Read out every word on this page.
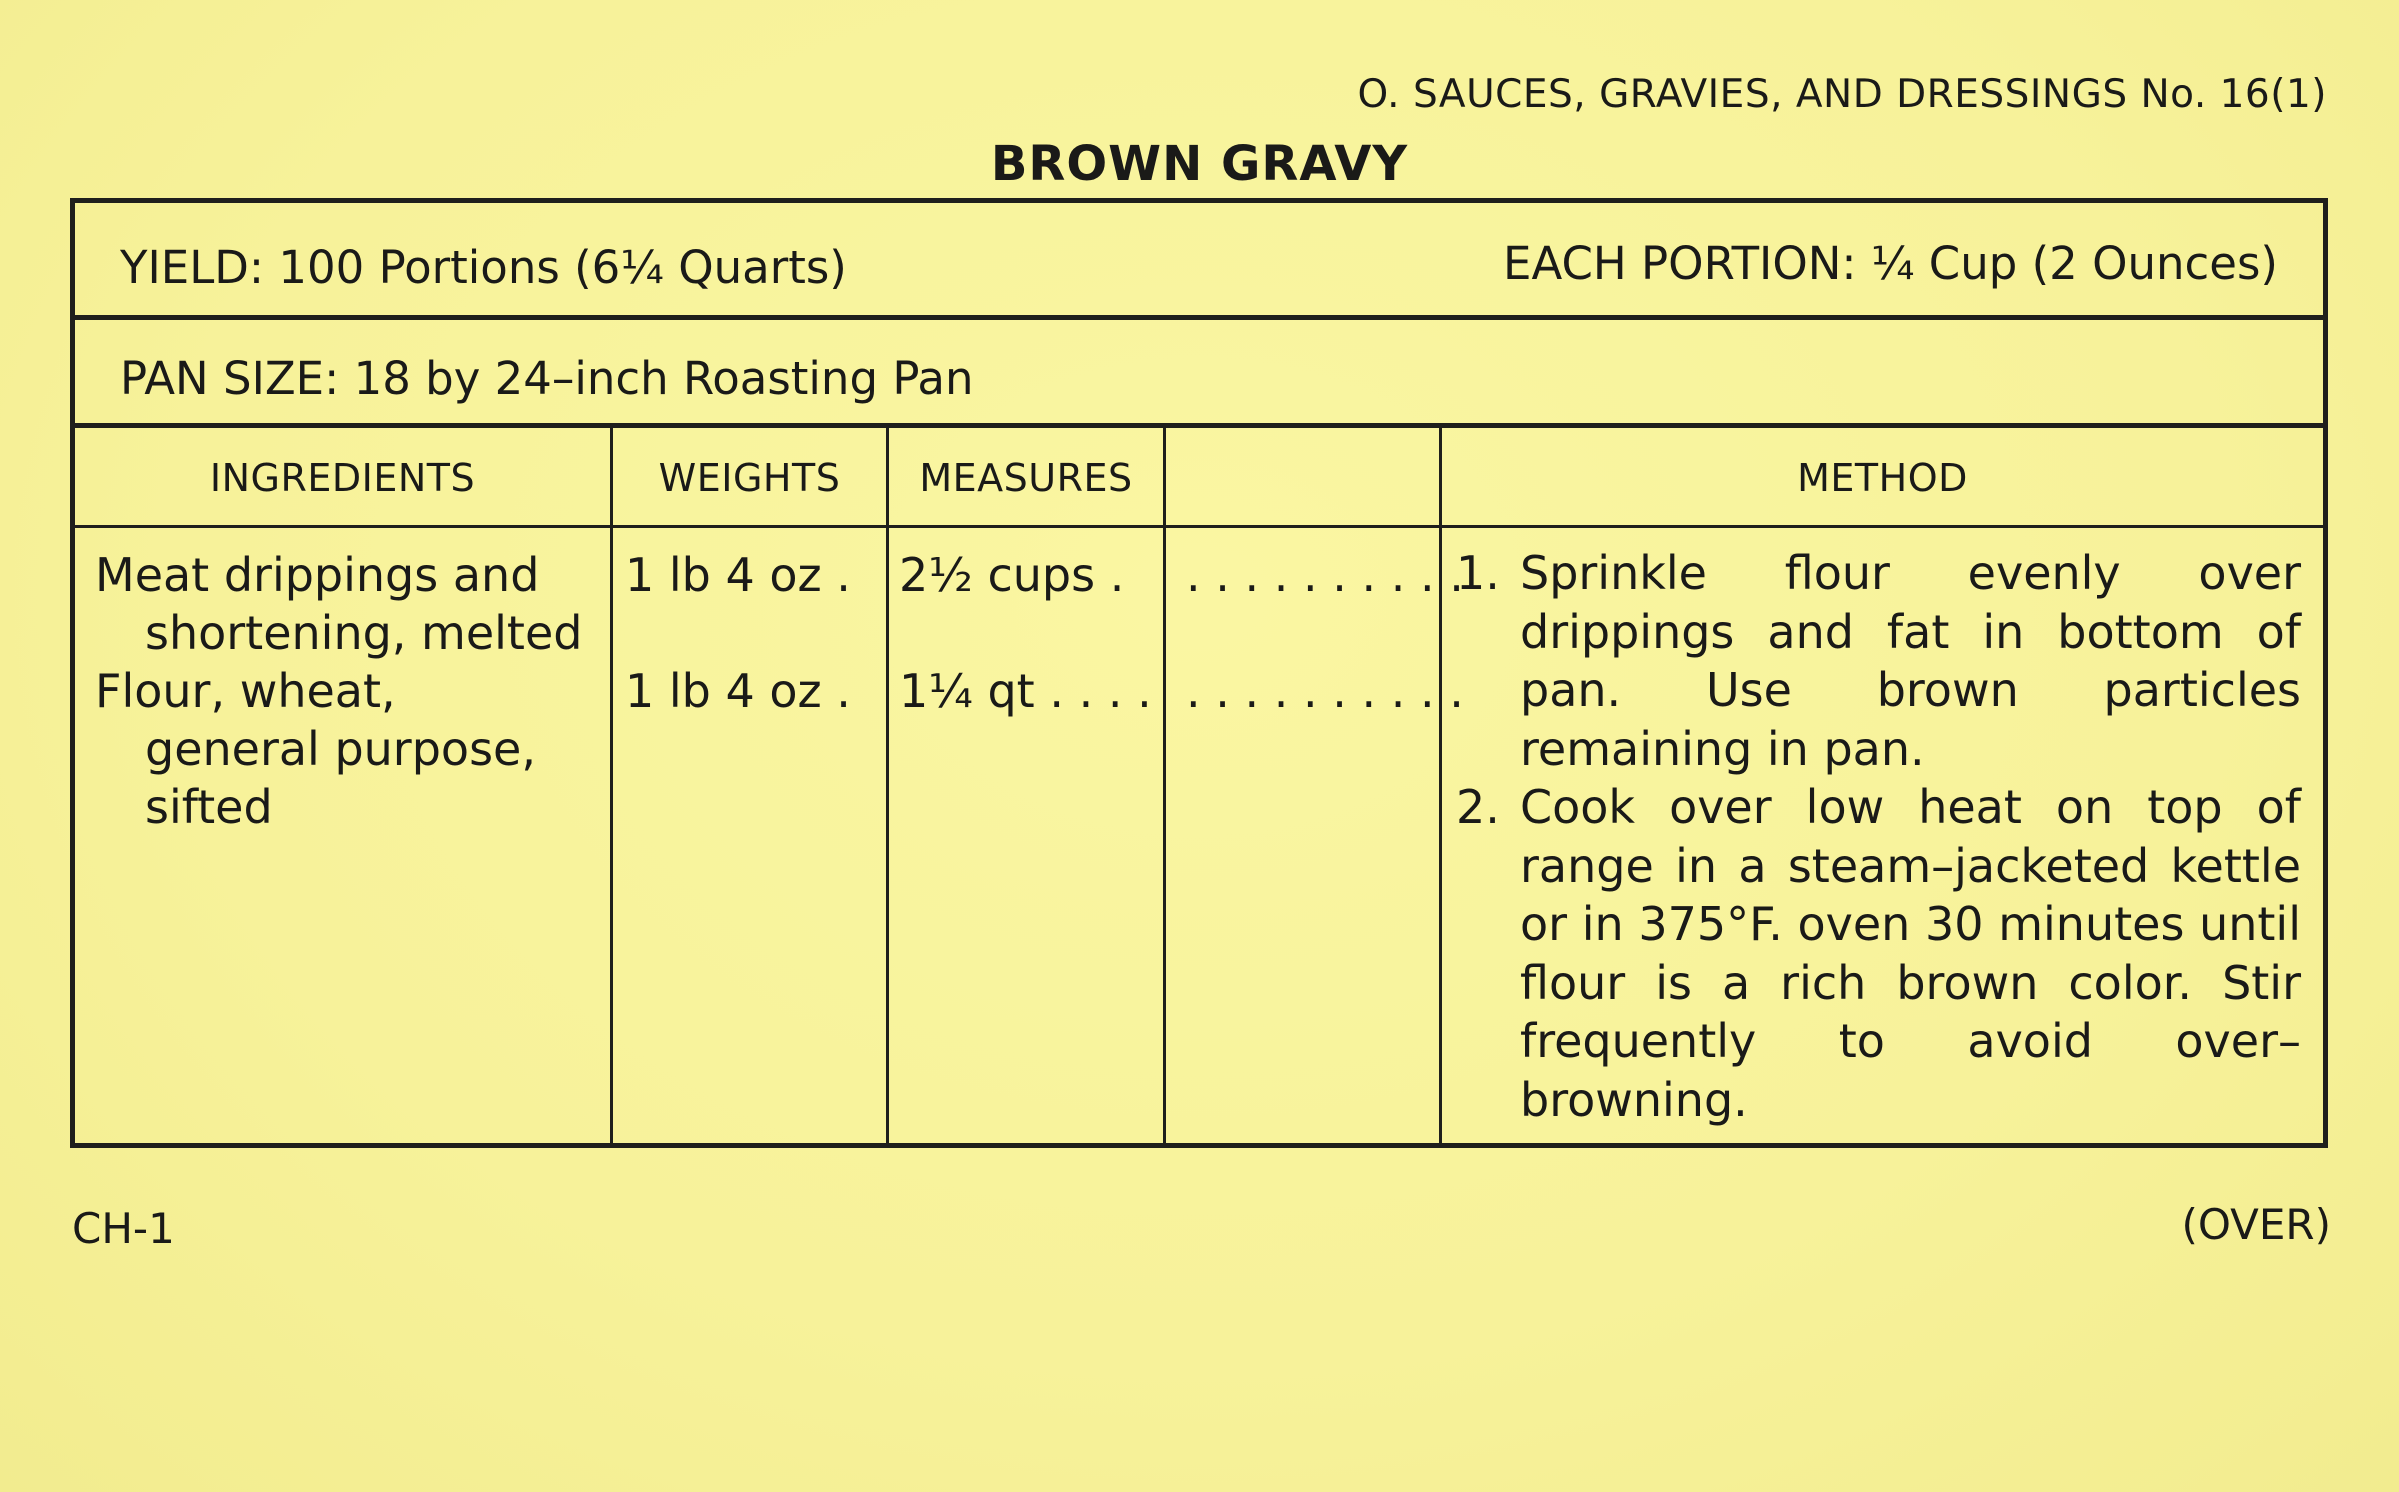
O. SAUCES, GRAVIES, AND DRESSINGS No. 16(1)
BROWN GRAVY
YIELD: 100 Portions (6¼ Quarts)	EACH PORTION: ¼ Cup (2 Ounces)
PAN SIZE: 18 by 24–inch Roasting Pan
INGREDIENTS
Meat drippings and
shortening, melted
Flour, wheat,
general purpose,
sifted
WEIGHTS
1 lb 4 oz .
1 lb 4 oz .
MEASURES
2½ cups .
1¼ qt . . . .
. . . . . . . . . .
. . . . . . . . . .
METHOD
1. Sprinkle flour evenly over drippings and fat in bottom of pan. Use brown particles remaining in pan.
2. Cook over low heat on top of range in a steam–jacketed kettle or in 375°F. oven 30 minutes until flour is a rich brown color. Stir frequently to avoid over–browning.
CH-1	(OVER)
